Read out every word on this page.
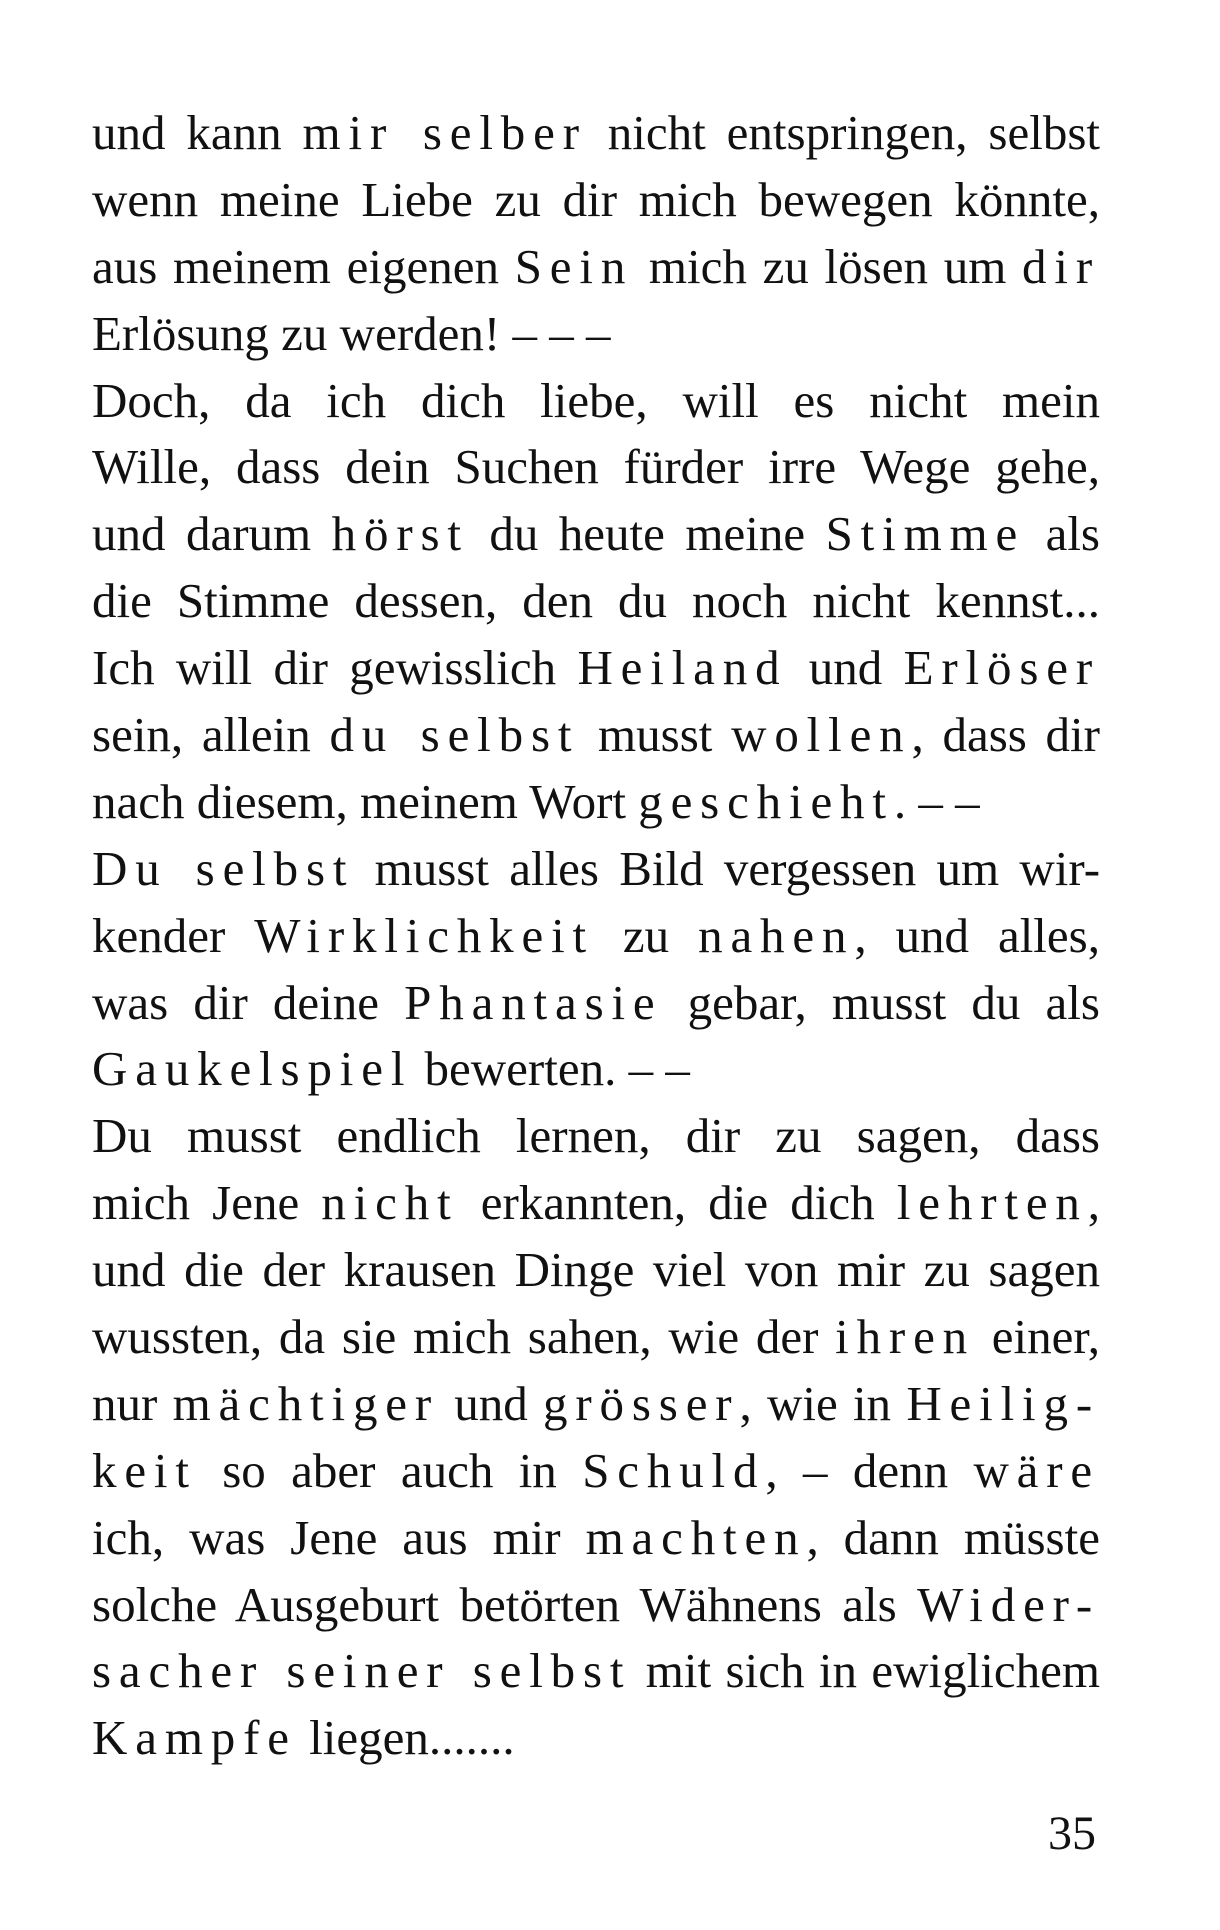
und kann mir selber nicht entspringen, selbst
wenn meine Liebe zu dir mich bewegen könnte,
aus meinem eigenen Sein mich zu lösen um dir
Erlösung zu werden! – – –
Doch, da ich dich liebe, will es nicht mein
Wille, dass dein Suchen fürder irre Wege gehe,
und darum hörst du heute meine Stimme als
die Stimme dessen, den du noch nicht kennst...
Ich will dir gewisslich Heiland und Erlöser
sein, allein du selbst musst wollen, dass dir
nach diesem, meinem Wort geschieht. – –
Du selbst musst alles Bild vergessen um wir-
kender Wirklichkeit zu nahen, und alles,
was dir deine Phantasie gebar, musst du als
Gaukelspiel bewerten. – –
Du musst endlich lernen, dir zu sagen, dass
mich Jene nicht erkannten, die dich lehrten,
und die der krausen Dinge viel von mir zu sagen
wussten, da sie mich sahen, wie der ihren einer,
nur mächtiger und grösser, wie in Heilig-
keit so aber auch in Schuld, – denn wäre
ich, was Jene aus mir machten, dann müsste
solche Ausgeburt betörten Wähnens als Wider-
sacher seiner selbst mit sich in ewiglichem
Kampfe liegen.......
35
